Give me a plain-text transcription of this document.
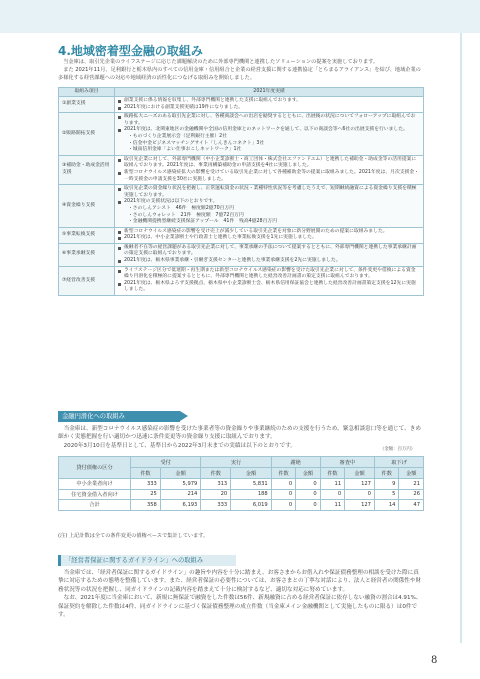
4.地域密着型金融の取組み

当金庫は、取引先企業のライフステージに応じた課題解決のために外部専門機関と連携したソリューションの提案を実施しております。

また 2021年11月、足利銀行と栃木県内のすべての信用金庫・信用組合と企業の経営支援に関する連携協定「とちまるアライアンス」を結び、地域企業の多様化する経営課題への対応や地域経済の活性化につなげる取組みを開始しました。

取組み項目	2021年度実績
①創業支援	創業支援に係る情報を収集し、外部専門機関と連携した支援に取組んでおります。
2021年度における創業支援実績は19件になりました。

②販路開拓支援	販路拡大ニーズのある取引先企業に対し、各種商談会への出店を勧奨するとともに、出展後の状況についてフォローアップに取組んでおります。
2021年度は、北関東地区の金融機関や全国の信用金庫とのネットワークを通して、以下の商談会等へ6社の出展支援を行いました。
・ものづくり企業展示会（足利銀行主催）2社
・信金中金ビジネスマッチングサイト「しんきんコネクト」3社
・城南信用金庫「よい仕事おこしネットワーク」1社

③補助金・助成金活用支援	取引先企業に対して、外部専門機関（中小企業診断士・商工団体・株式会社エファンドエム）と連携した補助金・助成金等の活用提案に取組んでおります。2021年度は、事業再構築補助金の申請支援を4社に実施しました。
新型コロナウイルス感染症拡大の影響を受けている取引先企業に対して各種補助金等の提案に取組みました。2021年度は、月次支援金・一時支援金の申請支援を30社に実施しました。

④資金繰り支援	取引先企業の資金繰り状況を把握し、正常運転資金の状況・業種特性状況等を考慮したうえで、短期継続融資による資金繰り支援を積極実施しております。
2021年度の支援状況は以下のとおりです。
・さのしんアシスト　46件　極度額2億70百万円
・さのしんウォレット　21件　極度額　7億72百万円
・金融機関提携型継続支援保証アップール　41件　残高4億28百万円

⑤事業転換支援	新型コロナウイルス感染症の影響を受け売上が減少している取引先企業を対象に新分野展開のための提案に取組みました。
2021年度は、中小企業診断士や行政書士と連携した事業転換支援を1先に実施しました。

⑥事業承継支援	後継者不在等の経営課題がある取引先企業に対して、事業承継の手法について提案するとともに、外部専門機関と連携した事業承継計画の策定支援に取組んでおります。
2021年度は、栃木県事業承継・引継ぎ支援センターと連携した事業承継支援を2先に実施しました。

⑦経営改善支援	ライフステージ区分で低迷期・再生期または新型コロナウイルス感染症の影響を受けた取引先企業に対して、条件変更や借換による資金繰り円滑化を積極的に提案するとともに、外部専門機関と連携した経営改善計画書の策定支援に取組んでおります。
2021年度は、栃木県よろず支援拠点、栃木県中小企業診断士会、栃木県信用保証協会と連携した経営改善計画書策定支援を12先に実施しました。
金融円滑化への取組み

当金庫は、新型コロナウイルス感染症の影響を受けた事業者等の資金繰りや事業継続のための支援を行うため、緊急相談窓口等を通じて、きめ細かく実態把握を行い適切かつ迅速に条件変更等の資金繰り支援に取組んでおります。

2020年3月10日を基準日として、基準日から2022年3月末までの実績は以下のとおりです。

（金額：百万円）
貸付債権の区分	受付		実行		謝絶		審査中		取下げ	
	件数	金額	件数	金額	件数	金額	件数	金額	件数	金額
中小企業者向け	333	5,979	313	5,831	0	0	11	127	9	21
住宅資金借入者向け	25	214	20	188	0	0	0	0	5	26
合計	358	6,193	333	6,019	0	0	11	127	14	47
(注) 上記計数は全ての条件変更の債権ベースで集計しています。
「経営者保証に関するガイドライン」への取組み

当金庫では、「経営者保証に関するガイドライン」の趣旨や内容を十分に踏まえ、お客さまからお借入れや保証債務整理の相談を受けた際に真摯に対応するための態勢を整備しています。また、経営者保証の必要性については、お客さまとの丁寧な対話により、法人と経営者の関係性や財務状況等の状況を把握し、同ガイドラインの記載内容を踏まえて十分に検討するなど、適切な対応に努めています。

なお、2021年度に当金庫において、新規に無保証で融資をした件数は56件、新規融資に占める経営者保証に依存しない融資の割合は4.91%、保証契約を解除した件数は4件、同ガイドラインに基づく保証債務整理の成立件数（当金庫メイン金融機関として実施したものに限る）は0件です。

8
